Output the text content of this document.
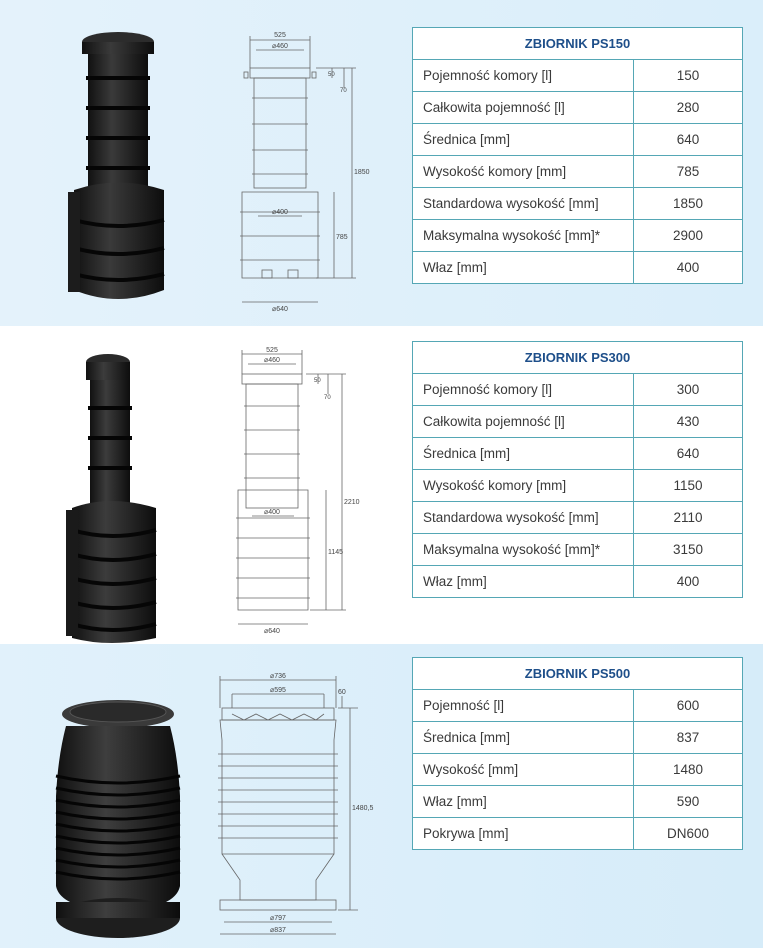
525
⌀460
50
70
1850
⌀400
785
⌀640
ZBIORNIK PS150	
Pojemność komory [l]	150
Całkowita pojemność [l]	280
Średnica [mm]	640
Wysokość komory [mm]	785
Standardowa wysokość [mm]	1850
Maksymalna wysokość [mm]*	2900
Właz [mm]	400
525
⌀460
50
70
2210
⌀400
1145
⌀640
ZBIORNIK PS300	
Pojemność komory [l]	300
Całkowita pojemność [l]	430
Średnica [mm]	640
Wysokość komory [mm]	1150
Standardowa wysokość [mm]	2110
Maksymalna wysokość [mm]*	3150
Właz [mm]	400
⌀736
⌀595	60
1480,5
⌀797
⌀837
ZBIORNIK PS500	
Pojemność [l]	600
Średnica [mm]	837
Wysokość [mm]	1480
Właz [mm]	590
Pokrywa [mm]	DN600
